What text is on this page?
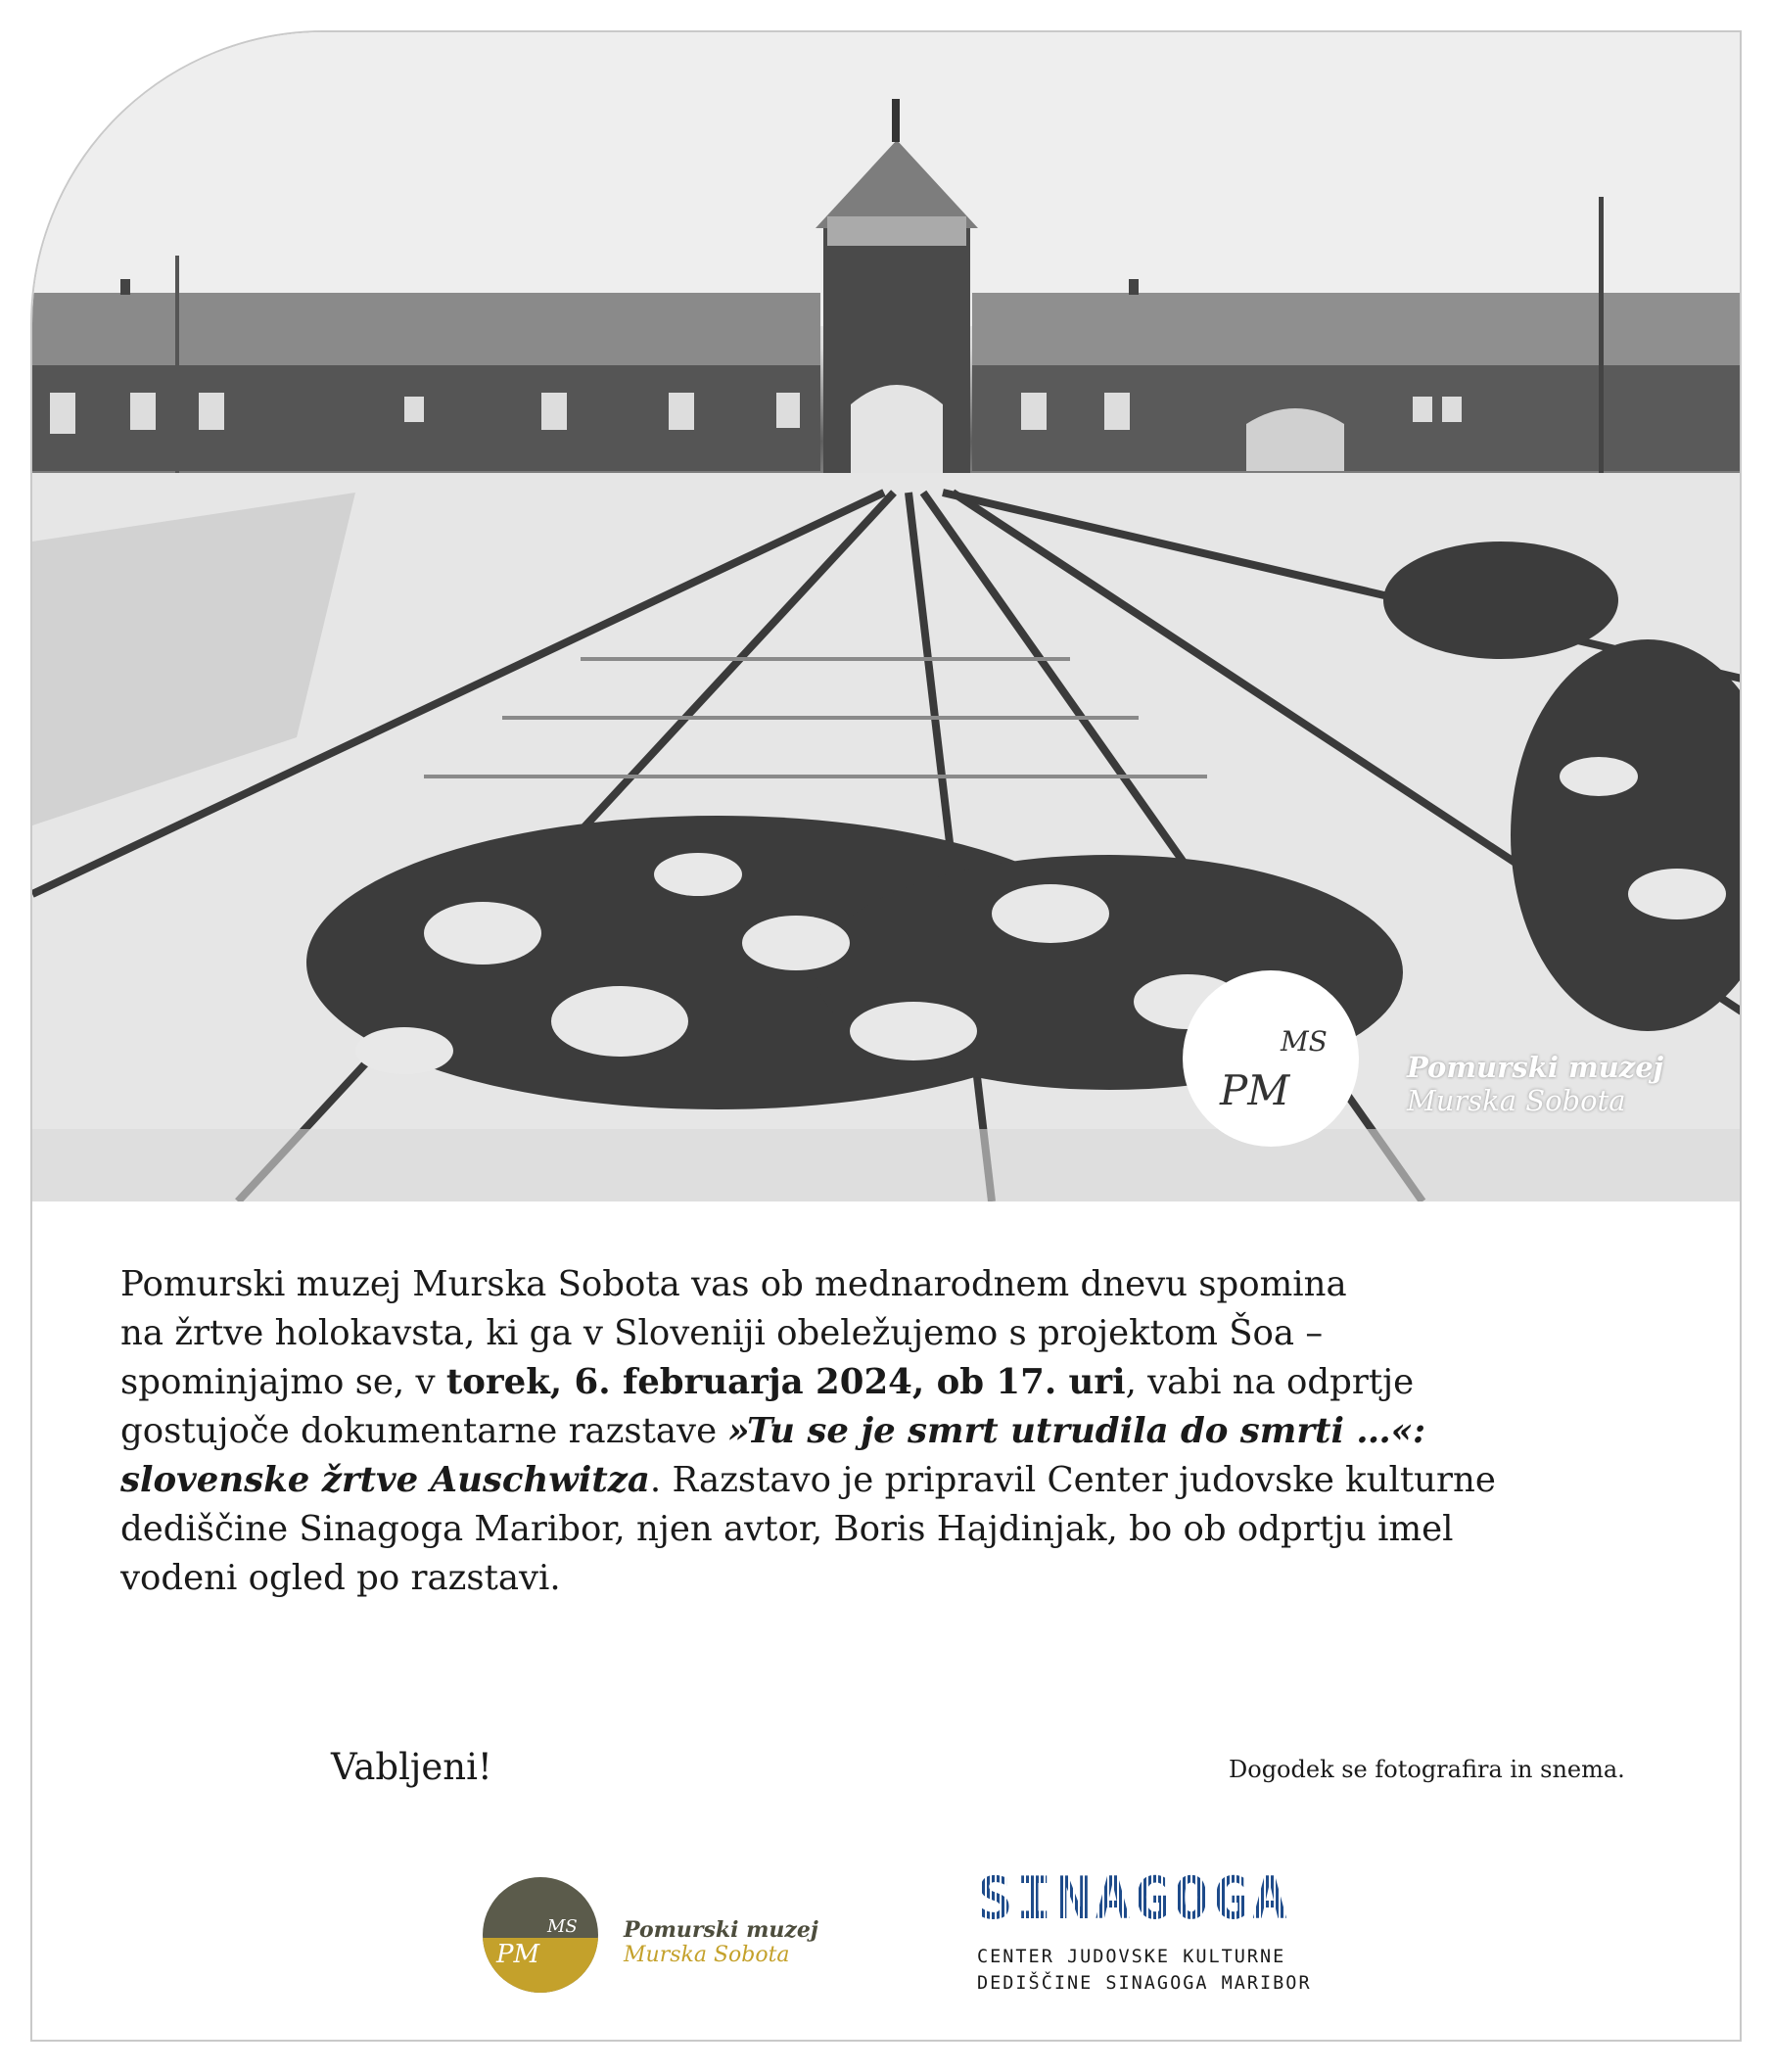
MS
PM	Pomurski muzej
Murska Sobota

Pomurski muzej Murska Sobota vas ob mednarodnem dnevu spomina

na žrtve holokavsta, ki ga v Sloveniji obeležujemo s projektom Šoa –

spominjajmo se, v torek, 6. februarja 2024, ob 17. uri, vabi na odprtje

gostujoče dokumentarne razstave »Tu se je smrt utrudila do smrti …«:

slovenske žrtve Auschwitza. Razstavo je pripravil Center judovske kulturne

dediščine Sinagoga Maribor, njen avtor, Boris Hajdinjak, bo ob odprtju imel

vodeni ogled po razstavi.

Vabljeni!	Dogodek se fotografira in snema.
MS
PM
Pomurski muzej
Murska Sobota
SINAGOGA
CENTER JUDOVSKE KULTURNE
DEDIŠČINE SINAGOGA MARIBOR
